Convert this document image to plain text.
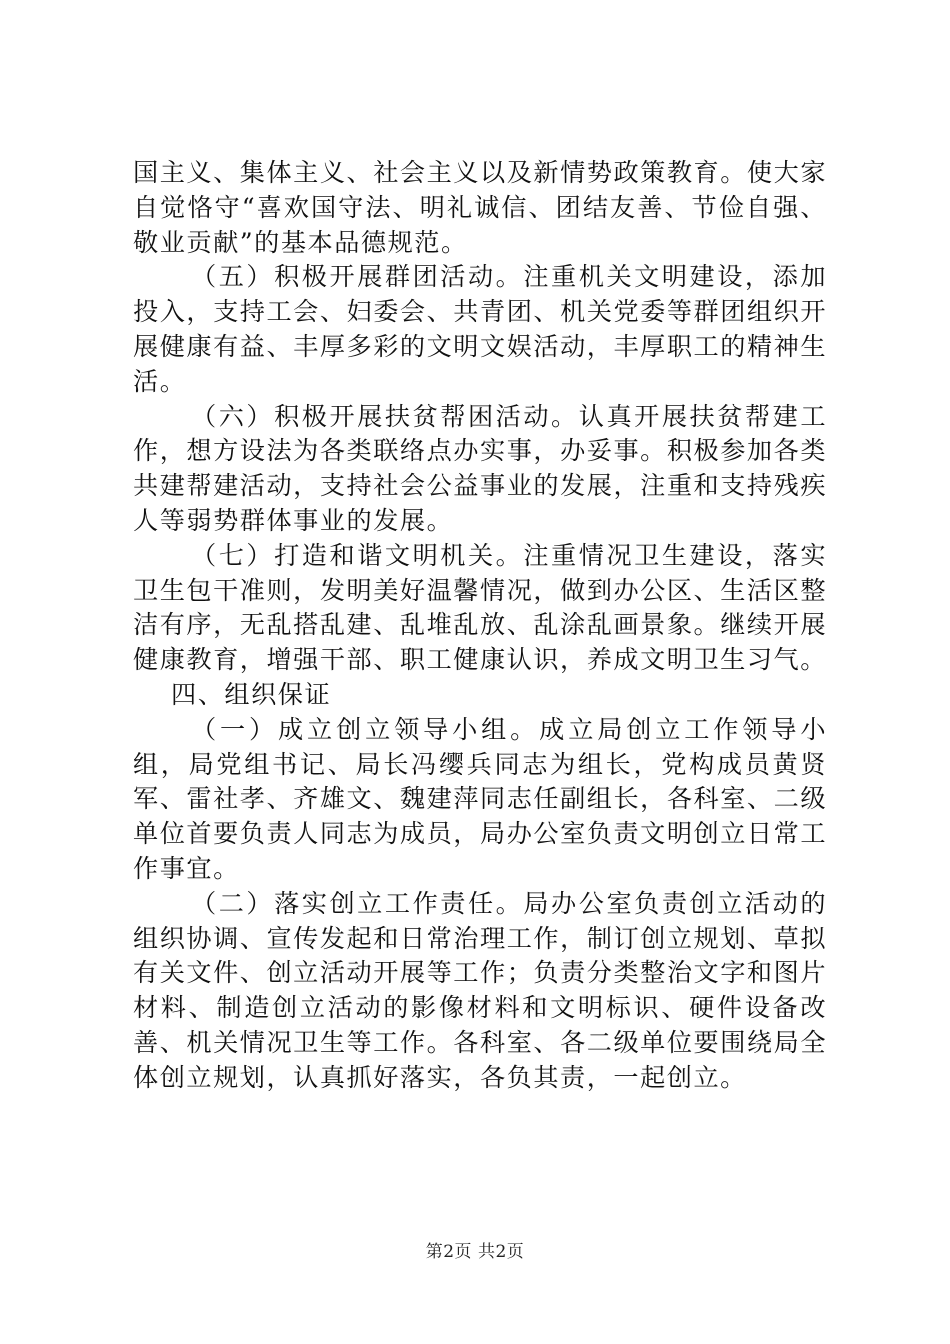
国主义、集体主义、社会主义以及新情势政策教育。使大家自觉恪守“喜欢国守法、明礼诚信、团结友善、节俭自强、敬业贡献”的基本品德规范。

（五）积极开展群团活动。注重机关文明建设，添加投入，支持工会、妇委会、共青团、机关党委等群团组织开展健康有益、丰厚多彩的文明文娱活动，丰厚职工的精神生活。

（六）积极开展扶贫帮困活动。认真开展扶贫帮建工作，想方设法为各类联络点办实事，办妥事。积极参加各类共建帮建活动，支持社会公益事业的发展，注重和支持残疾人等弱势群体事业的发展。

（七）打造和谐文明机关。注重情况卫生建设，落实卫生包干准则，发明美好温馨情况，做到办公区、生活区整洁有序，无乱搭乱建、乱堆乱放、乱涂乱画景象。继续开展健康教育，增强干部、职工健康认识，养成文明卫生习气。

四、组织保证

（一）成立创立领导小组。成立局创立工作领导小组，局党组书记、局长冯缨兵同志为组长，党构成员黄贤军、雷社孝、齐雄文、魏建萍同志任副组长，各科室、二级单位首要负责人同志为成员，局办公室负责文明创立日常工作事宜。

（二）落实创立工作责任。局办公室负责创立活动的组织协调、宣传发起和日常治理工作，制订创立规划、草拟有关文件、创立活动开展等工作；负责分类整治文字和图片材料、制造创立活动的影像材料和文明标识、硬件设备改善、机关情况卫生等工作。各科室、各二级单位要围绕局全体创立规划，认真抓好落实，各负其责，一起创立。

第2页 共2页
